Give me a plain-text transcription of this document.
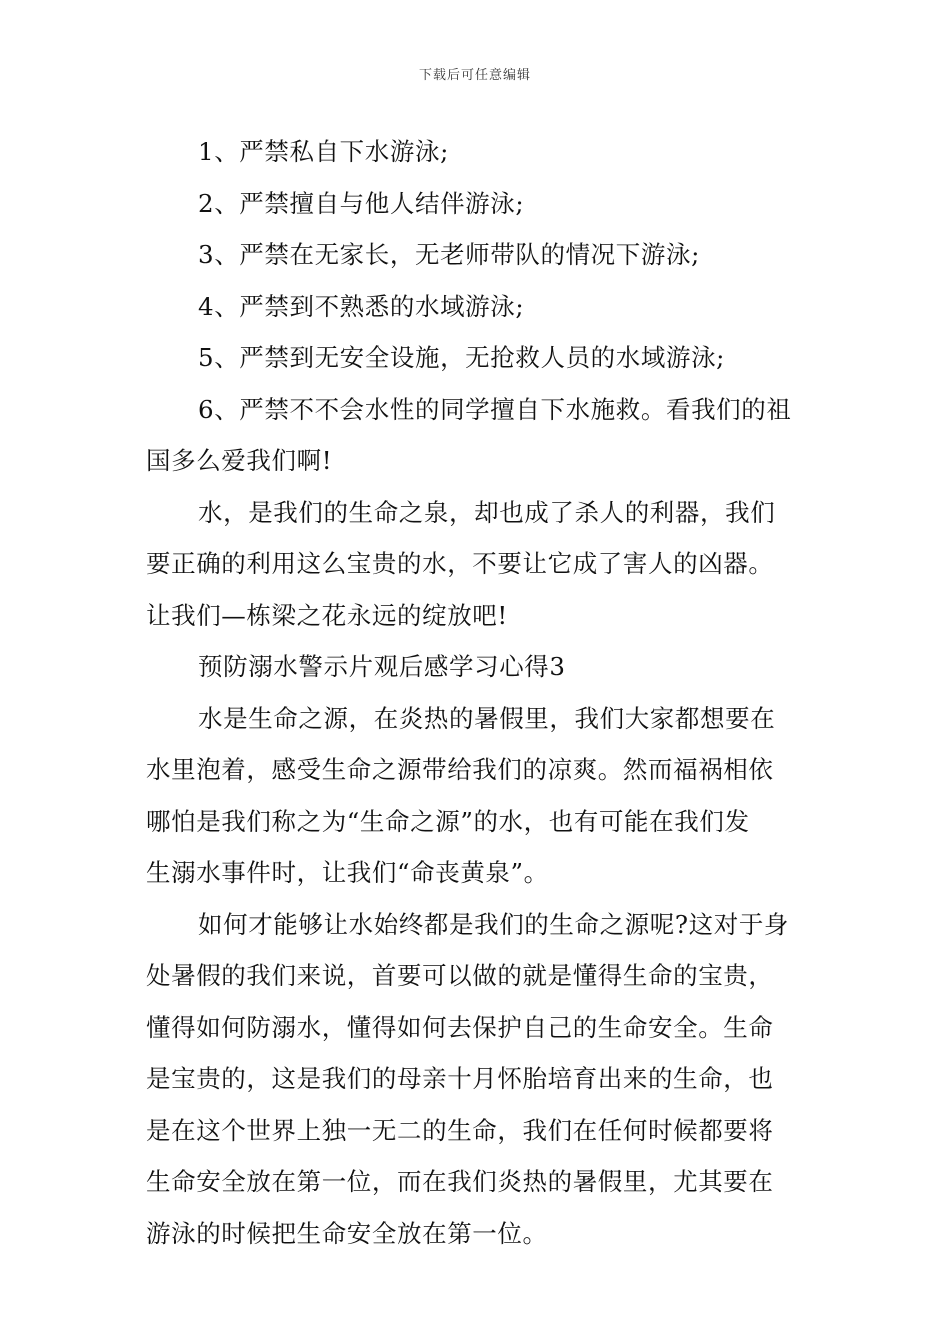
下载后可任意编辑
1、严禁私自下水游泳;
2、严禁擅自与他人结伴游泳;
3、严禁在无家长，无老师带队的情况下游泳;
4、严禁到不熟悉的水域游泳;
5、严禁到无安全设施，无抢救人员的水域游泳;
6、严禁不不会水性的同学擅自下水施救。看我们的祖
国多么爱我们啊!
水，是我们的生命之泉，却也成了杀人的利器，我们
要正确的利用这么宝贵的水，不要让它成了害人的凶器。
让我们—栋梁之花永远的绽放吧!
预防溺水警示片观后感学习心得3
水是生命之源，在炎热的暑假里，我们大家都想要在
水里泡着，感受生命之源带给我们的凉爽。然而福祸相依
哪怕是我们称之为“生命之源”的水，也有可能在我们发
生溺水事件时，让我们“命丧黄泉”。
如何才能够让水始终都是我们的生命之源呢?这对于身
处暑假的我们来说，首要可以做的就是懂得生命的宝贵，
懂得如何防溺水，懂得如何去保护自己的生命安全。生命
是宝贵的，这是我们的母亲十月怀胎培育出来的生命，也
是在这个世界上独一无二的生命，我们在任何时候都要将
生命安全放在第一位，而在我们炎热的暑假里，尤其要在
游泳的时候把生命安全放在第一位。
